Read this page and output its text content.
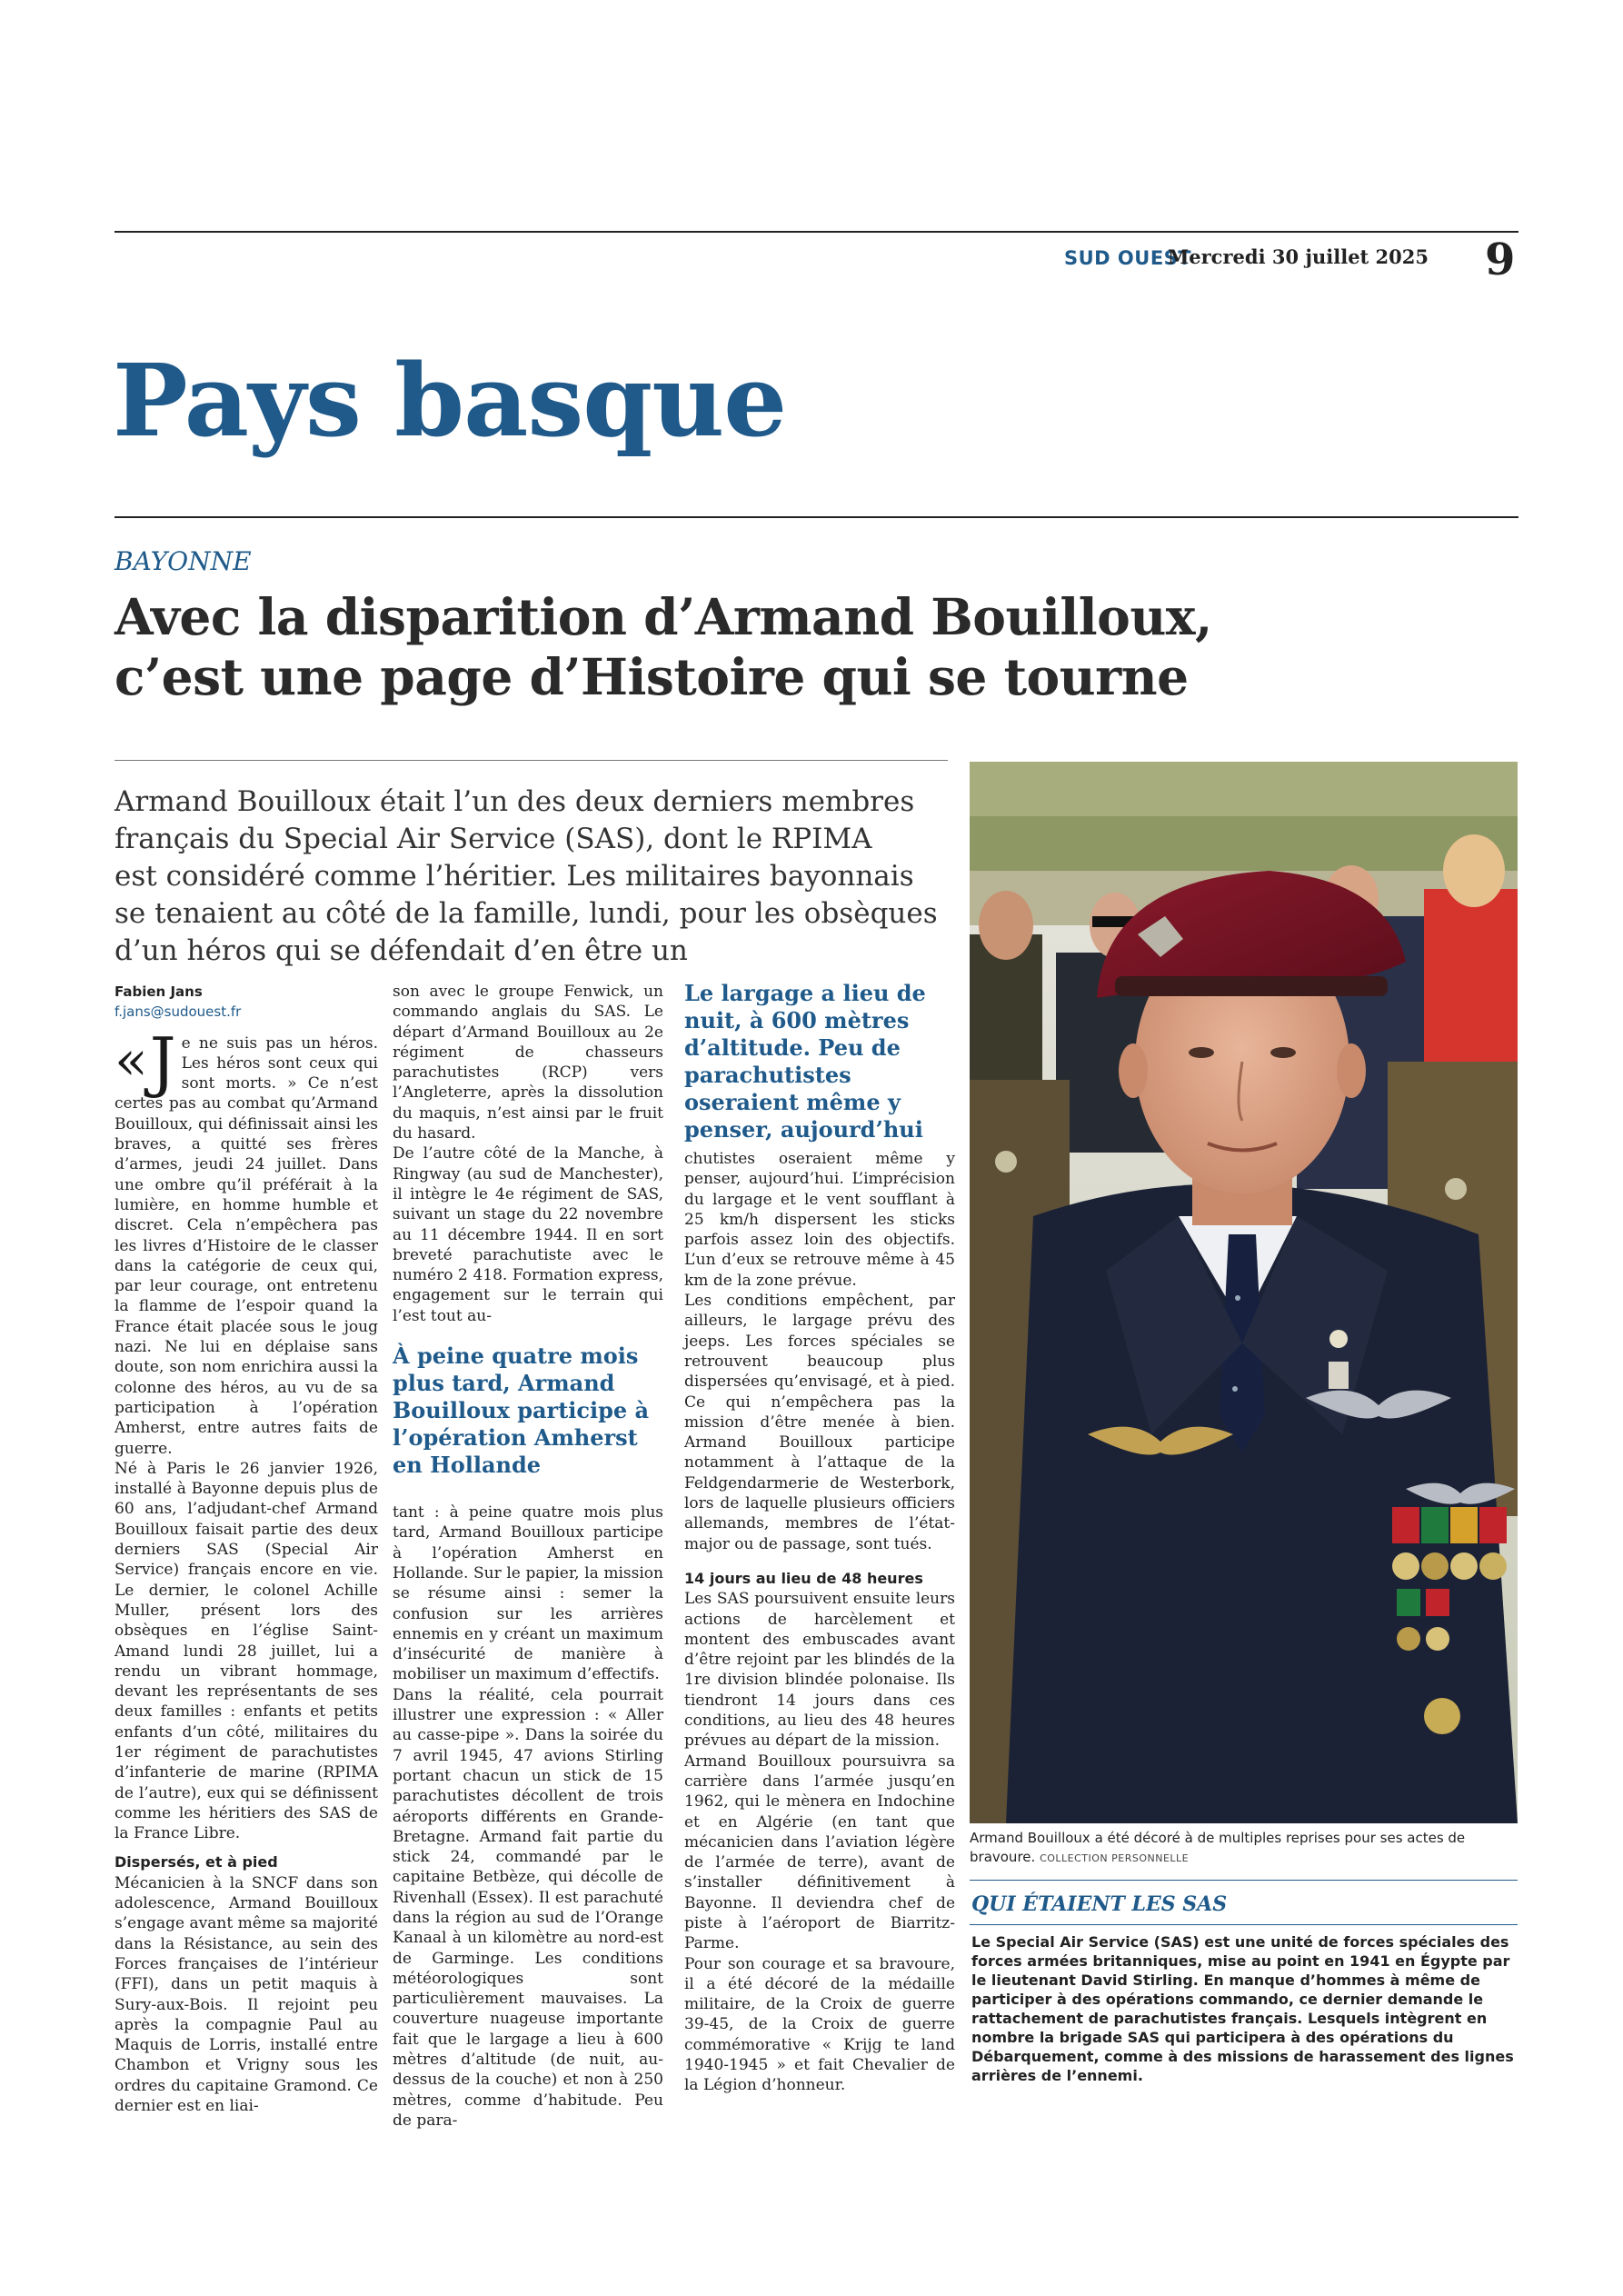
SUD OUEST
Mercredi 30 juillet 2025 9
Pays basque
BAYONNE
Avec la disparition d’Armand Bouilloux,
c’est une page d’Histoire qui se tourne
Armand Bouilloux était l’un des deux derniers membres
français du Special Air Service (SAS), dont le RPIMA
est considéré comme l’héritier. Les militaires bayonnais
se tenaient au côté de la famille, lundi, pour les obsèques
d’un héros qui se défendait d’en être un
Fabien Jans
f.jans@sudouest.fr

« J e ne suis pas un héros. Les héros sont ceux qui sont morts. » Ce n’est certes pas au combat qu’Armand Bouilloux, qui définissait ainsi les braves, a quitté ses frères d’armes, jeudi 24 juillet. Dans une ombre qu’il préférait à la lumière, en homme humble et discret. Cela n’empêchera pas les livres d’Histoire de le classer dans la catégorie de ceux qui, par leur courage, ont entretenu la flamme de l’espoir quand la France était placée sous le joug nazi. Ne lui en déplaise sans doute, son nom enrichira aussi la colonne des héros, au vu de sa participation à l’opération Amherst, entre autres faits de guerre.

Né à Paris le 26 janvier 1926, installé à Bayonne depuis plus de 60 ans, l’adjudant-chef Armand Bouilloux faisait partie des deux derniers SAS (Special Air Service) français encore en vie. Le dernier, le colonel Achille Muller, présent lors des obsèques en l’église Saint-Amand lundi 28 juillet, lui a rendu un vibrant hommage, devant les représentants de ses deux familles : enfants et petits enfants d’un côté, militaires du 1er régiment de parachutistes d’infanterie de marine (RPIMA de l’autre), eux qui se définissent comme les héritiers des SAS de la France Libre.

Dispersés, et à pied

Mécanicien à la SNCF dans son adolescence, Armand Bouilloux s’engage avant même sa majorité dans la Résistance, au sein des Forces françaises de l’intérieur (FFI), dans un petit maquis à Sury-aux-Bois. Il rejoint peu après la compagnie Paul au Maquis de Lorris, installé entre Chambon et Vrigny sous les ordres du capitaine Gramond. Ce dernier est en liai-

son avec le groupe Fenwick, un commando anglais du SAS. Le départ d’Armand Bouilloux au 2e régiment de chasseurs parachutistes (RCP) vers l’Angleterre, après la dissolution du maquis, n’est ainsi par le fruit du hasard.

De l’autre côté de la Manche, à Ringway (au sud de Manchester), il intègre le 4e régiment de SAS, suivant un stage du 22 novembre au 11 décembre 1944. Il en sort breveté parachutiste avec le numéro 2 418. Formation express, engagement sur le terrain qui l’est tout au-

À peine quatre mois plus tard, Armand Bouilloux participe à l’opération Amherst en Hollande

tant : à peine quatre mois plus tard, Armand Bouilloux participe à l’opération Amherst en Hollande. Sur le papier, la mission se résume ainsi : semer la confusion sur les arrières ennemis en y créant un maximum d’insécurité de manière à mobiliser un maximum d’effectifs.

Dans la réalité, cela pourrait illustrer une expression : « Aller au casse-pipe ». Dans la soirée du 7 avril 1945, 47 avions Stirling portant chacun un stick de 15 parachutistes décollent de trois aéroports différents en Grande-Bretagne. Armand fait partie du stick 24, commandé par le capitaine Betbèze, qui décolle de Rivenhall (Essex). Il est parachuté dans la région au sud de l’Orange Kanaal à un kilomètre au nord-est de Garminge. Les conditions météorologiques sont particulièrement mauvaises. La couverture nuageuse importante fait que le largage a lieu à 600 mètres d’altitude (de nuit, au-dessus de la couche) et non à 250 mètres, comme d’habitude. Peu de para-

Le largage a lieu de nuit, à 600 mètres d’altitude. Peu de parachutistes oseraient même y penser, aujourd’hui

chutistes oseraient même y penser, aujourd’hui. L’imprécision du largage et le vent soufflant à 25 km/h dispersent les sticks parfois assez loin des objectifs. L’un d’eux se retrouve même à 45 km de la zone prévue.

Les conditions empêchent, par ailleurs, le largage prévu des jeeps. Les forces spéciales se retrouvent beaucoup plus dispersées qu’envisagé, et à pied. Ce qui n’empêchera pas la mission d’être menée à bien. Armand Bouilloux participe notamment à l’attaque de la Feldgendarmerie de Westerbork, lors de laquelle plusieurs officiers allemands, membres de l’état-major ou de passage, sont tués.

14 jours au lieu de 48 heures

Les SAS poursuivent ensuite leurs actions de harcèlement et montent des embuscades avant d’être rejoint par les blindés de la 1re division blindée polonaise. Ils tiendront 14 jours dans ces conditions, au lieu des 48 heures prévues au départ de la mission.

Armand Bouilloux poursuivra sa carrière dans l’armée jusqu’en 1962, qui le mènera en Indochine et en Algérie (en tant que mécanicien dans l’aviation légère de l’armée de terre), avant de s’installer définitivement à Bayonne. Il deviendra chef de piste à l’aéroport de Biarritz-Parme.

Pour son courage et sa bravoure, il a été décoré de la médaille militaire, de la Croix de guerre 39-45, de la Croix de guerre commémorative « Krijg te land 1940-1945 » et fait Chevalier de la Légion d’honneur.

Armand Bouilloux a été décoré à de multiples reprises pour ses actes de bravoure. COLLECTION PERSONNELLE
QUI ÉTAIENT LES SAS
Le Special Air Service (SAS) est une unité de forces spéciales des forces armées britanniques, mise au point en 1941 en Égypte par le lieutenant David Stirling. En manque d’hommes à même de participer à des opérations commando, ce dernier demande le rattachement de parachutistes français. Lesquels intègrent en nombre la brigade SAS qui participera à des opérations du Débarquement, comme à des missions de harassement des lignes arrières de l’ennemi.
